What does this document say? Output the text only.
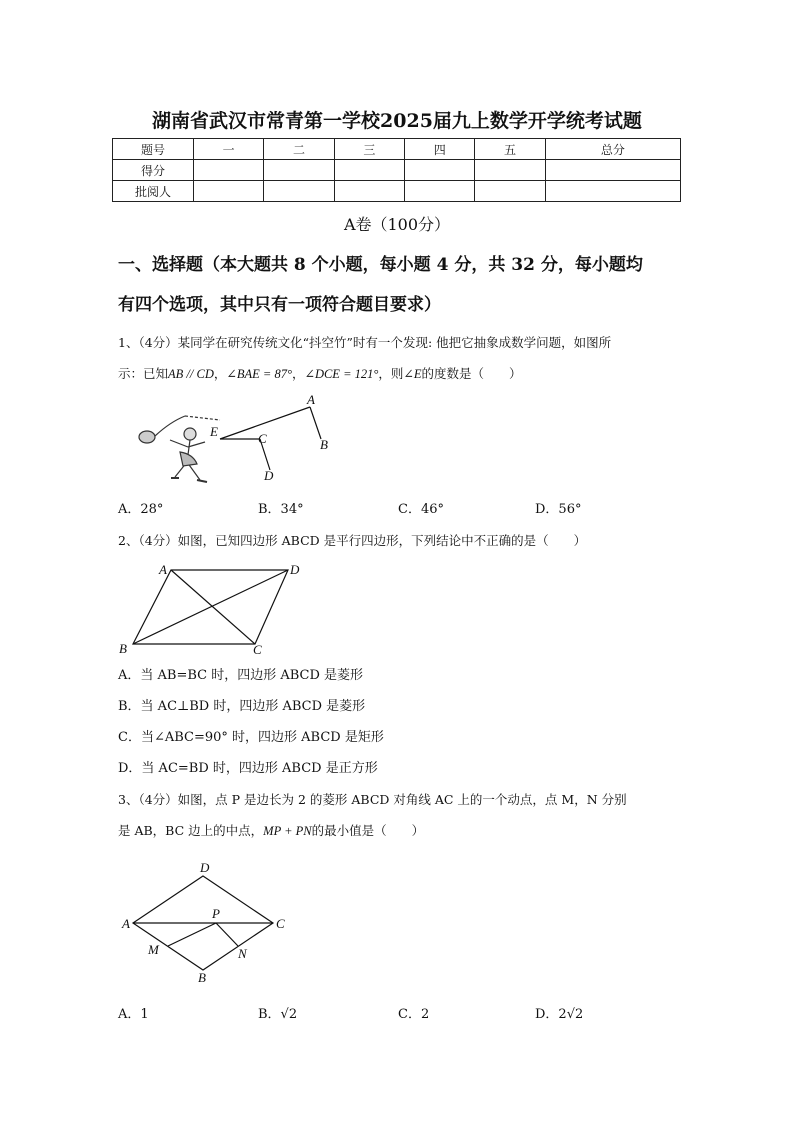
湖南省武汉市常青第一学校2025届九上数学开学统考试题
题号	一	二	三	四	五	总分
得分						
批阅人						
A卷（100分）
一、选择题（本大题共 8 个小题，每小题 4 分，共 32 分，每小题均
有四个选项，其中只有一项符合题目要求）
1、（4分）某同学在研究传统文化“抖空竹”时有一个发现: 他把它抽象成数学问题，如图所
示：已知AB // CD，∠BAE = 87°，∠DCE = 121°，则∠E的度数是（　　）
A
E	C	B
D
A．28°	B．34°	C．46°	D．56°
2、（4分）如图，已知四边形 ABCD 是平行四边形，下列结论中不正确的是（　　）
A	D
B	C
A．当 AB=BC 时，四边形 ABCD 是菱形
B．当 AC⊥BD 时，四边形 ABCD 是菱形
C．当∠ABC=90° 时，四边形 ABCD 是矩形
D．当 AC=BD 时，四边形 ABCD 是正方形
3、（4分）如图，点 P 是边长为 2 的菱形 ABCD 对角线 AC 上的一个动点，点 M，N 分别
是 AB，BC 边上的中点，MP + PN的最小值是（　　）
D
P
A	C
M	N
B
A．1	B．√2	C．2	D．2√2
